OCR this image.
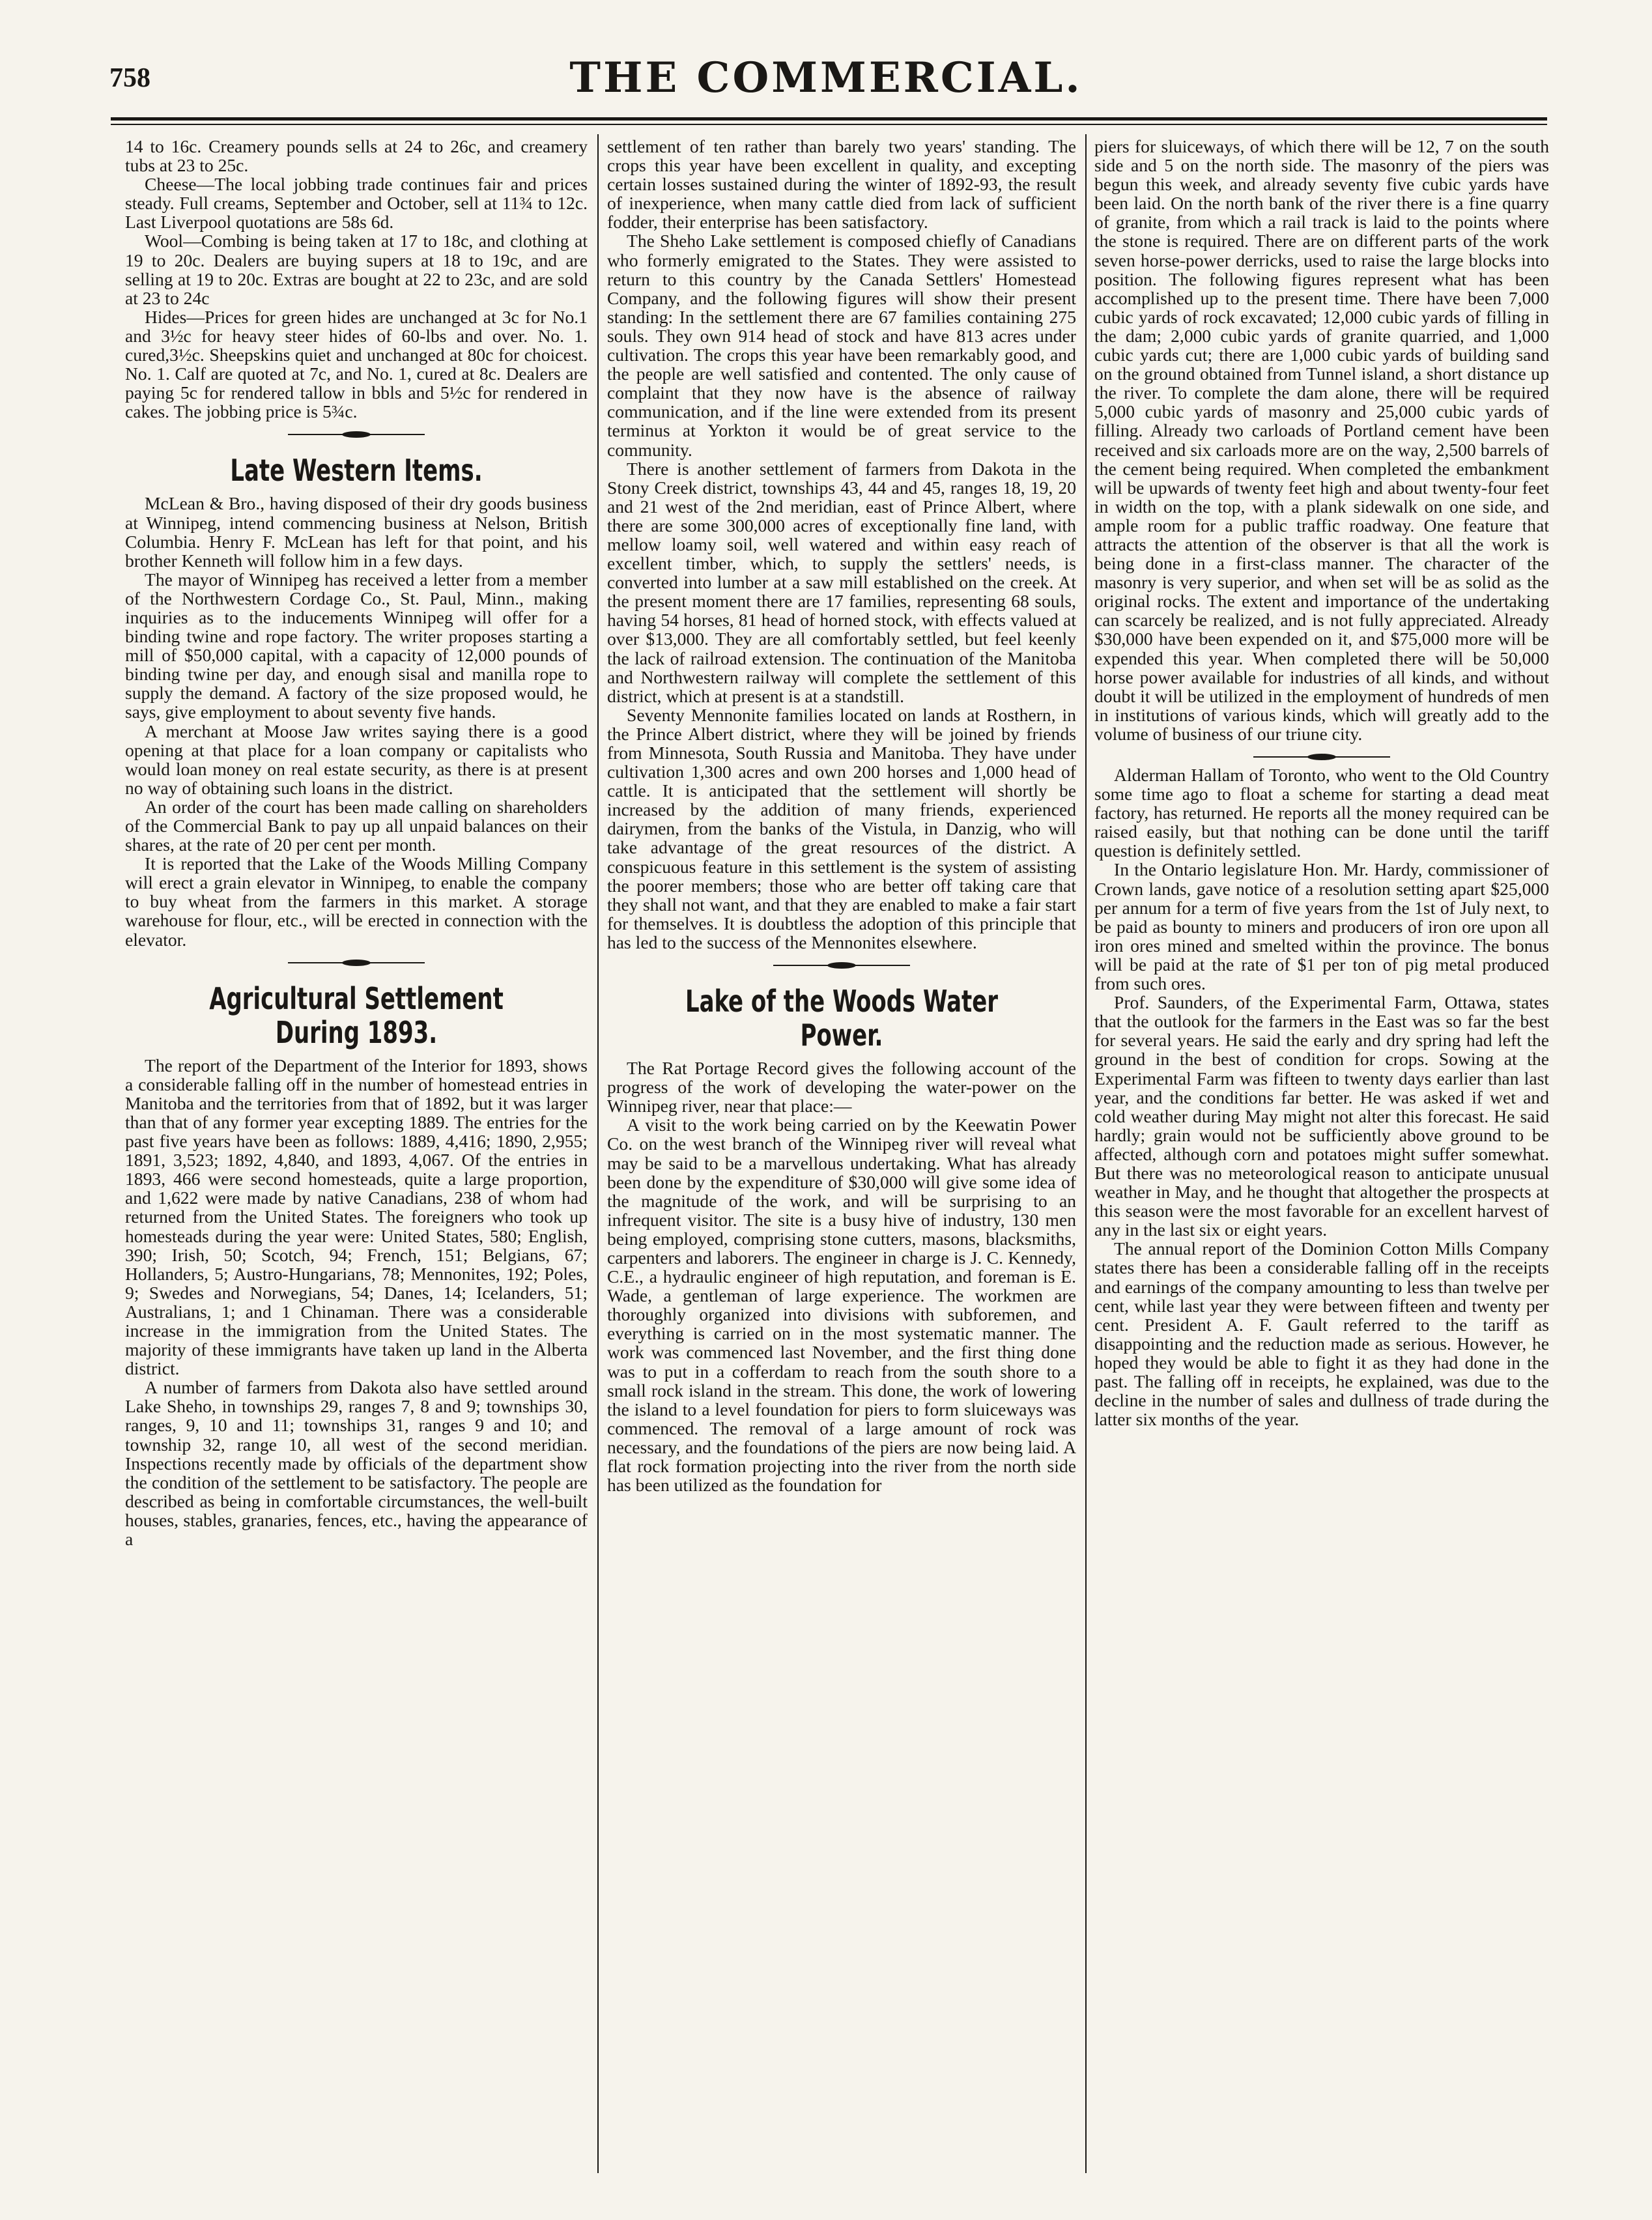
758	THE COMMERCIAL.

14 to 16c. Creamery pounds sells at 24 to 26c, and creamery tubs at 23 to 25c.

Cheese—The local jobbing trade continues fair and prices steady. Full creams, September and October, sell at 11¾ to 12c. Last Liverpool quotations are 58s 6d.

Wool—Combing is being taken at 17 to 18c, and clothing at 19 to 20c. Dealers are buying supers at 18 to 19c, and are selling at 19 to 20c. Extras are bought at 22 to 23c, and are sold at 23 to 24c

Hides—Prices for green hides are unchanged at 3c for No.1 and 3½c for heavy steer hides of 60-lbs and over. No. 1. cured,3½c. Sheepskins quiet and unchanged at 80c for choicest. No. 1. Calf are quoted at 7c, and No. 1, cured at 8c. Dealers are paying 5c for rendered tallow in bbls and 5½c for rendered in cakes. The jobbing price is 5¾c.

Late Western Items.

McLean & Bro., having disposed of their dry goods business at Winnipeg, intend commencing business at Nelson, British Columbia. Henry F. McLean has left for that point, and his brother Kenneth will follow him in a few days.

The mayor of Winnipeg has received a letter from a member of the Northwestern Cordage Co., St. Paul, Minn., making inquiries as to the inducements Winnipeg will offer for a binding twine and rope factory. The writer proposes starting a mill of $50,000 capital, with a capacity of 12,000 pounds of binding twine per day, and enough sisal and manilla rope to supply the demand. A factory of the size proposed would, he says, give employment to about seventy five hands.

A merchant at Moose Jaw writes saying there is a good opening at that place for a loan company or capitalists who would loan money on real estate security, as there is at present no way of obtaining such loans in the district.

An order of the court has been made calling on shareholders of the Commercial Bank to pay up all unpaid balances on their shares, at the rate of 20 per cent per month.

It is reported that the Lake of the Woods Milling Company will erect a grain elevator in Winnipeg, to enable the company to buy wheat from the farmers in this market. A storage warehouse for flour, etc., will be erected in connection with the elevator.

Agricultural Settlement During 1893.

The report of the Department of the Interior for 1893, shows a considerable falling off in the number of homestead entries in Manitoba and the territories from that of 1892, but it was larger than that of any former year excepting 1889. The entries for the past five years have been as follows: 1889, 4,416; 1890, 2,955; 1891, 3,523; 1892, 4,840, and 1893, 4,067. Of the entries in 1893, 466 were second homesteads, quite a large proportion, and 1,622 were made by native Canadians, 238 of whom had returned from the United States. The foreigners who took up homesteads during the year were: United States, 580; English, 390; Irish, 50; Scotch, 94; French, 151; Belgians, 67; Hollanders, 5; Austro-Hungarians, 78; Mennonites, 192; Poles, 9; Swedes and Norwegians, 54; Danes, 14; Icelanders, 51; Australians, 1; and 1 Chinaman. There was a considerable increase in the immigration from the United States. The majority of these immigrants have taken up land in the Alberta district.

A number of farmers from Dakota also have settled around Lake Sheho, in townships 29, ranges 7, 8 and 9; townships 30, ranges, 9, 10 and 11; townships 31, ranges 9 and 10; and township 32, range 10, all west of the second meridian. Inspections recently made by officials of the department show the condition of the settlement to be satisfactory. The people are described as being in comfortable circumstances, the well-built houses, stables, granaries, fences, etc., having the appearance of a

settlement of ten rather than barely two years' standing. The crops this year have been excellent in quality, and excepting certain losses sustained during the winter of 1892-93, the result of inexperience, when many cattle died from lack of sufficient fodder, their enterprise has been satisfactory.

The Sheho Lake settlement is composed chiefly of Canadians who formerly emigrated to the States. They were assisted to return to this country by the Canada Settlers' Homestead Company, and the following figures will show their present standing: In the settlement there are 67 families containing 275 souls. They own 914 head of stock and have 813 acres under cultivation. The crops this year have been remarkably good, and the people are well satisfied and contented. The only cause of complaint that they now have is the absence of railway communication, and if the line were extended from its present terminus at Yorkton it would be of great service to the community.

There is another settlement of farmers from Dakota in the Stony Creek district, townships 43, 44 and 45, ranges 18, 19, 20 and 21 west of the 2nd meridian, east of Prince Albert, where there are some 300,000 acres of exceptionally fine land, with mellow loamy soil, well watered and within easy reach of excellent timber, which, to supply the settlers' needs, is converted into lumber at a saw mill established on the creek. At the present moment there are 17 families, representing 68 souls, having 54 horses, 81 head of horned stock, with effects valued at over $13,000. They are all comfortably settled, but feel keenly the lack of railroad extension. The continuation of the Manitoba and Northwestern railway will complete the settlement of this district, which at present is at a standstill.

Seventy Mennonite families located on lands at Rosthern, in the Prince Albert district, where they will be joined by friends from Minnesota, South Russia and Manitoba. They have under cultivation 1,300 acres and own 200 horses and 1,000 head of cattle. It is anticipated that the settlement will shortly be increased by the addition of many friends, experienced dairymen, from the banks of the Vistula, in Danzig, who will take advantage of the great resources of the district. A conspicuous feature in this settlement is the system of assisting the poorer members; those who are better off taking care that they shall not want, and that they are enabled to make a fair start for themselves. It is doubtless the adoption of this principle that has led to the success of the Mennonites elsewhere.

Lake of the Woods Water Power.

The Rat Portage Record gives the following account of the progress of the work of developing the water-power on the Winnipeg river, near that place:—

A visit to the work being carried on by the Keewatin Power Co. on the west branch of the Winnipeg river will reveal what may be said to be a marvellous undertaking. What has already been done by the expenditure of $30,000 will give some idea of the magnitude of the work, and will be surprising to an infrequent visitor. The site is a busy hive of industry, 130 men being employed, comprising stone cutters, masons, blacksmiths, carpenters and laborers. The engineer in charge is J. C. Kennedy, C.E., a hydraulic engineer of high reputation, and foreman is E. Wade, a gentleman of large experience. The workmen are thoroughly organized into divisions with subforemen, and everything is carried on in the most systematic manner. The work was commenced last November, and the first thing done was to put in a cofferdam to reach from the south shore to a small rock island in the stream. This done, the work of lowering the island to a level foundation for piers to form sluiceways was commenced. The removal of a large amount of rock was necessary, and the foundations of the piers are now being laid. A flat rock formation projecting into the river from the north side has been utilized as the foundation for

piers for sluiceways, of which there will be 12, 7 on the south side and 5 on the north side. The masonry of the piers was begun this week, and already seventy five cubic yards have been laid. On the north bank of the river there is a fine quarry of granite, from which a rail track is laid to the points where the stone is required. There are on different parts of the work seven horse-power derricks, used to raise the large blocks into position. The following figures represent what has been accomplished up to the present time. There have been 7,000 cubic yards of rock excavated; 12,000 cubic yards of filling in the dam; 2,000 cubic yards of granite quarried, and 1,000 cubic yards cut; there are 1,000 cubic yards of building sand on the ground obtained from Tunnel island, a short distance up the river. To complete the dam alone, there will be required 5,000 cubic yards of masonry and 25,000 cubic yards of filling. Already two carloads of Portland cement have been received and six carloads more are on the way, 2,500 barrels of the cement being required. When completed the embankment will be upwards of twenty feet high and about twenty-four feet in width on the top, with a plank sidewalk on one side, and ample room for a public traffic roadway. One feature that attracts the attention of the observer is that all the work is being done in a first-class manner. The character of the masonry is very superior, and when set will be as solid as the original rocks. The extent and importance of the undertaking can scarcely be realized, and is not fully appreciated. Already $30,000 have been expended on it, and $75,000 more will be expended this year. When completed there will be 50,000 horse power available for industries of all kinds, and without doubt it will be utilized in the employment of hundreds of men in institutions of various kinds, which will greatly add to the volume of business of our triune city.

Alderman Hallam of Toronto, who went to the Old Country some time ago to float a scheme for starting a dead meat factory, has returned. He reports all the money required can be raised easily, but that nothing can be done until the tariff question is definitely settled.

In the Ontario legislature Hon. Mr. Hardy, commissioner of Crown lands, gave notice of a resolution setting apart $25,000 per annum for a term of five years from the 1st of July next, to be paid as bounty to miners and producers of iron ore upon all iron ores mined and smelted within the province. The bonus will be paid at the rate of $1 per ton of pig metal produced from such ores.

Prof. Saunders, of the Experimental Farm, Ottawa, states that the outlook for the farmers in the East was so far the best for several years. He said the early and dry spring had left the ground in the best of condition for crops. Sowing at the Experimental Farm was fifteen to twenty days earlier than last year, and the conditions far better. He was asked if wet and cold weather during May might not alter this forecast. He said hardly; grain would not be sufficiently above ground to be affected, although corn and potatoes might suffer somewhat. But there was no meteorological reason to anticipate unusual weather in May, and he thought that altogether the prospects at this season were the most favorable for an excellent harvest of any in the last six or eight years.

The annual report of the Dominion Cotton Mills Company states there has been a considerable falling off in the receipts and earnings of the company amounting to less than twelve per cent, while last year they were between fifteen and twenty per cent. President A. F. Gault referred to the tariff as disappointing and the reduction made as serious. However, he hoped they would be able to fight it as they had done in the past. The falling off in receipts, he explained, was due to the decline in the number of sales and dullness of trade during the latter six months of the year.
